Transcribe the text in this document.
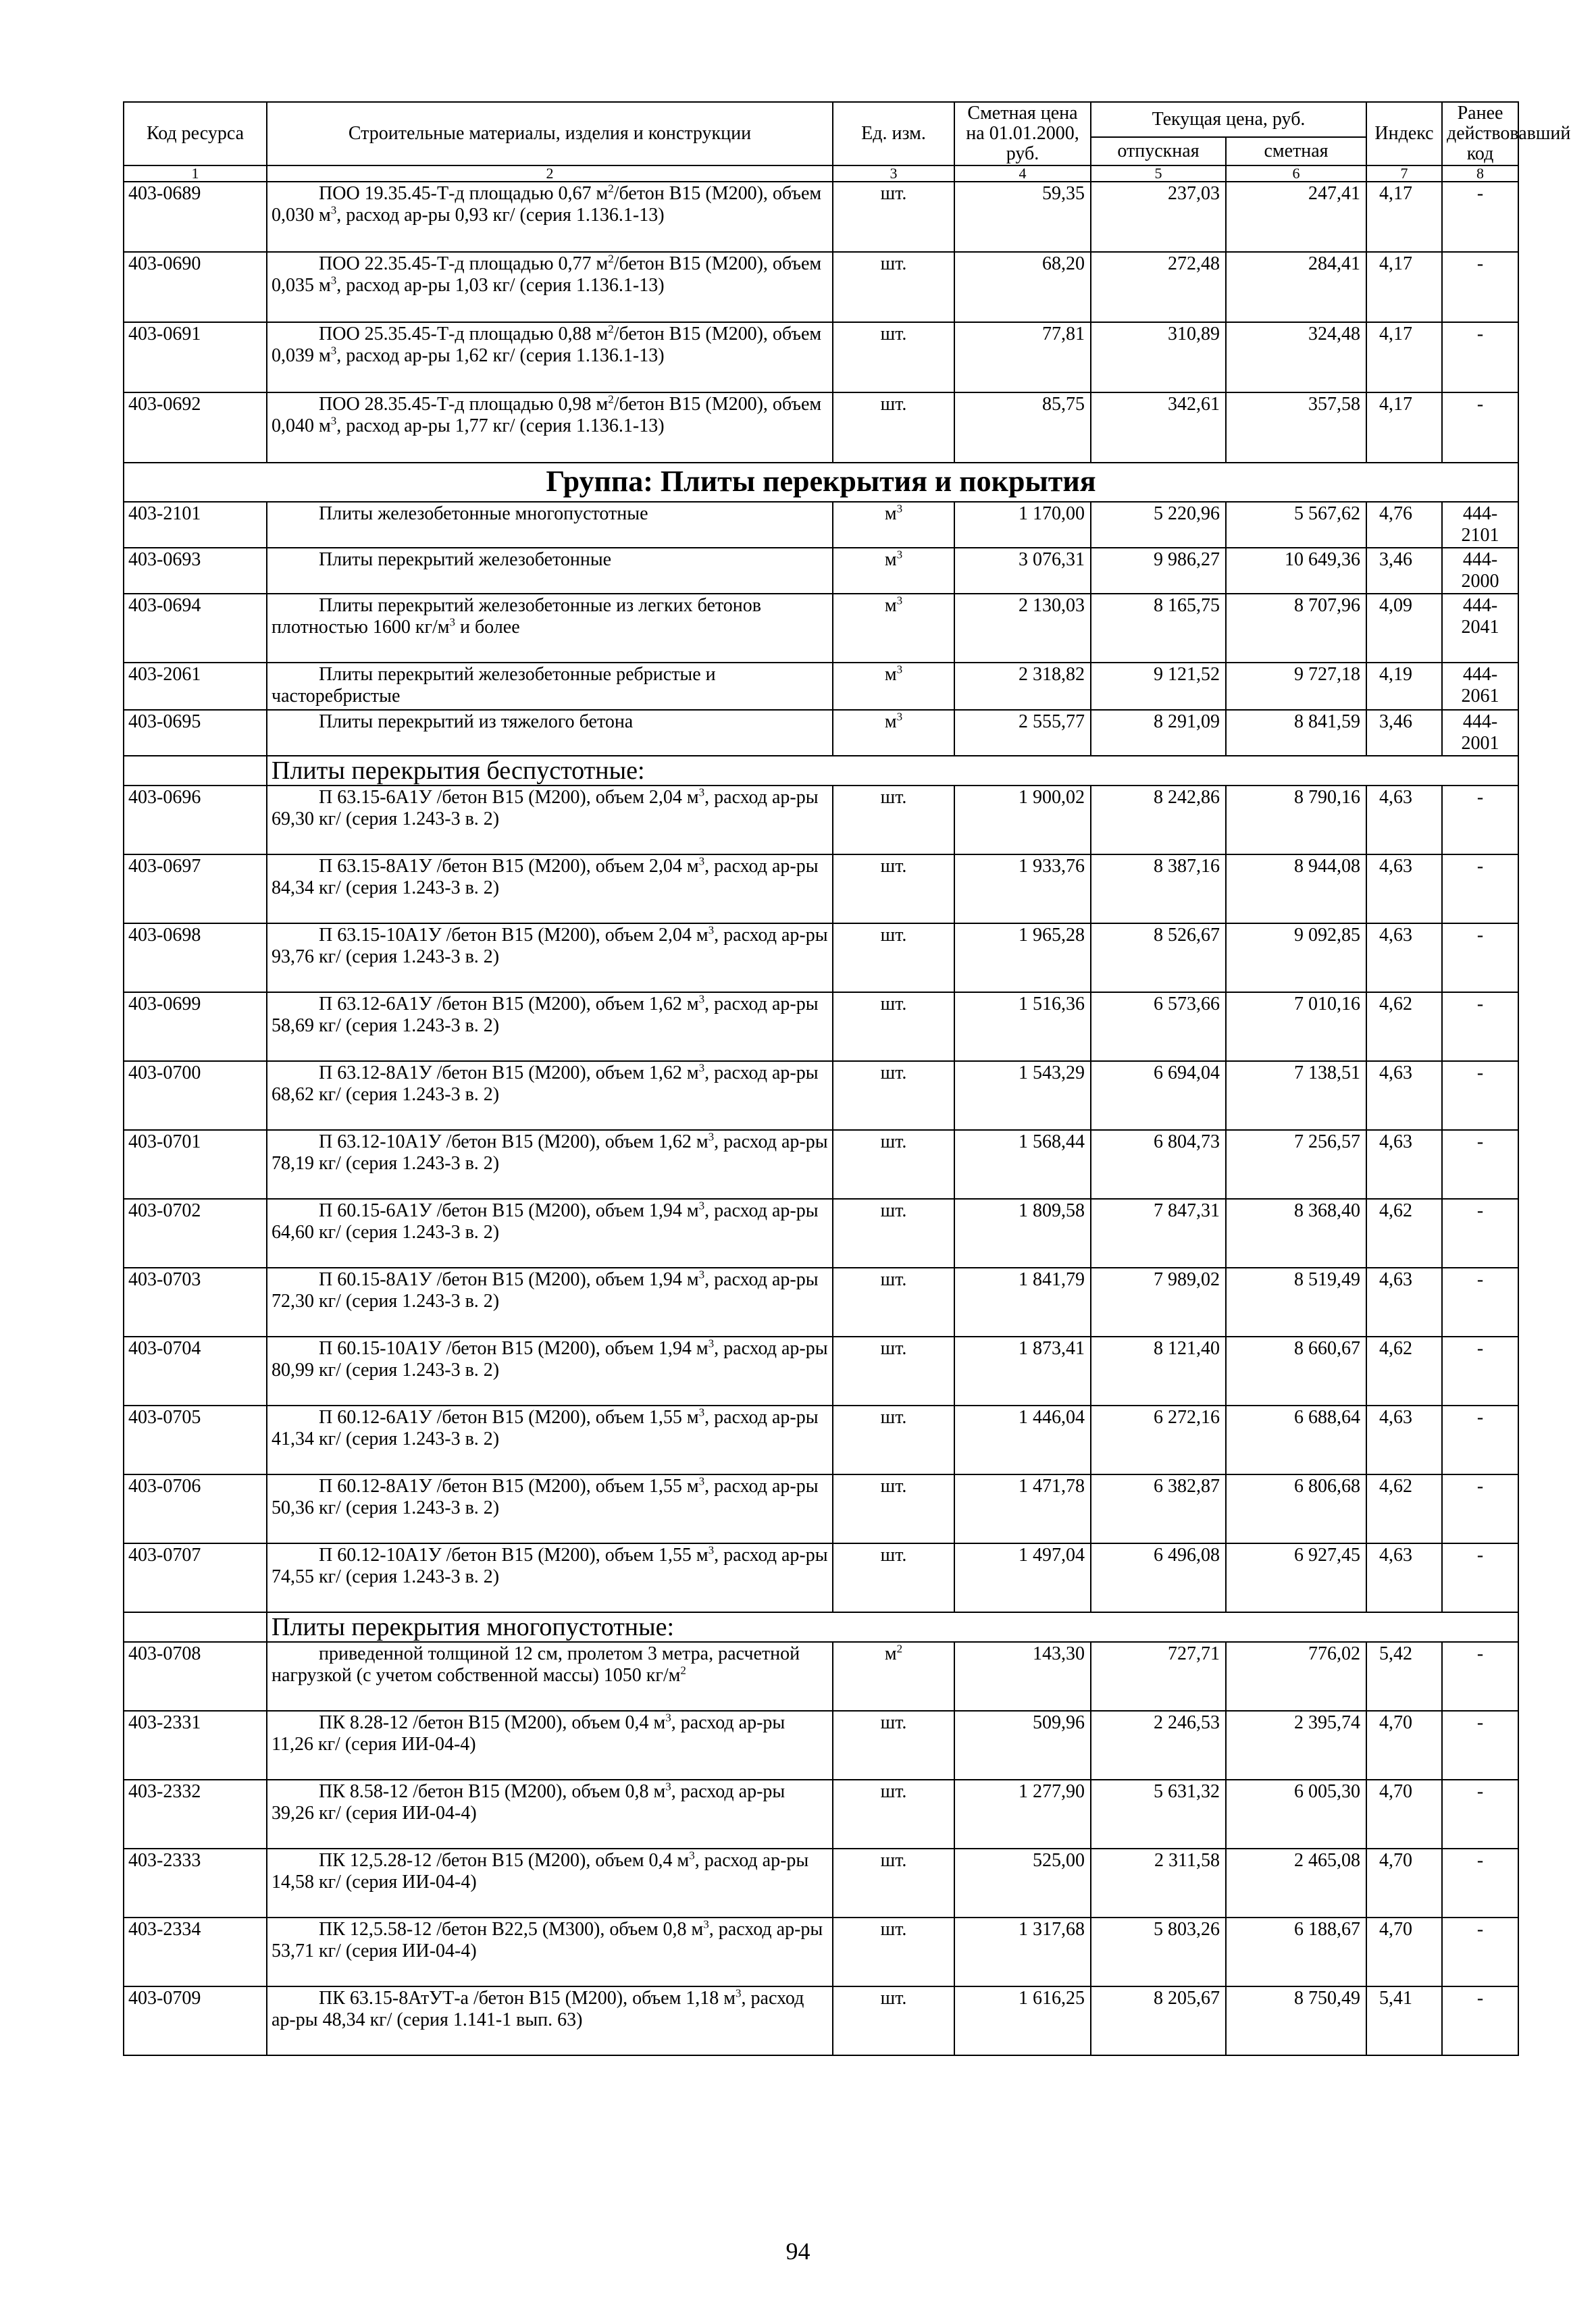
Код ресурса	Строительные материалы, изделия и конструкции	Ед. изм.	Сметная цена на 01.01.2000, руб.	Текущая цена, руб.		Индекс	Ранее действовавший код
				отпускная	сметная		
1	2	3	4	5	6	7	8
403-0689	ПОО 19.35.45-Т-д площадью 0,67 $м^2$/бетон В15 (М200), объем 0,030 $м^3$, расход ар-ры 0,93 кг/ (серия 1.136.1-13)	шт.	59,35	237,03	247,41	4,17	-
403-0690	ПОО 22.35.45-Т-д площадью 0,77 $м^2$/бетон В15 (М200), объем 0,035 $м^3$, расход ар-ры 1,03 кг/ (серия 1.136.1-13)	шт.	68,20	272,48	284,41	4,17	-
403-0691	ПОО 25.35.45-Т-д площадью 0,88 $м^2$/бетон В15 (М200), объем 0,039 $м^3$, расход ар-ры 1,62 кг/ (серия 1.136.1-13)	шт.	77,81	310,89	324,48	4,17	-
403-0692	ПОО 28.35.45-Т-д площадью 0,98 $м^2$/бетон В15 (М200), объем 0,040 $м^3$, расход ар-ры 1,77 кг/ (серия 1.136.1-13)	шт.	85,75	342,61	357,58	4,17	-
Группа: Плиты перекрытия и покрытия							
403-2101	Плиты железобетонные многопустотные	$м^3$	1 170,00	5 220,96	5 567,62	4,76	444-2101
403-0693	Плиты перекрытий железобетонные	$м^3$	3 076,31	9 986,27	10 649,36	3,46	444-2000
403-0694	Плиты перекрытий железобетонные из легких бетонов плотностью 1600 $кг/м^3$ и более	$м^3$	2 130,03	8 165,75	8 707,96	4,09	444-2041
403-2061	Плиты перекрытий железобетонные ребристые и часторебристые	$м^3$	2 318,82	9 121,52	9 727,18	4,19	444-2061
403-0695	Плиты перекрытий из тяжелого бетона	$м^3$	2 555,77	8 291,09	8 841,59	3,46	444-2001
	Плиты перекрытия беспустотные:						
403-0696	П 63.15-6А1У /бетон В15 (М200), объем 2,04 $м^3$, расход ар-ры 69,30 кг/ (серия 1.243-3 в. 2)	шт.	1 900,02	8 242,86	8 790,16	4,63	-
403-0697	П 63.15-8А1У /бетон В15 (М200), объем 2,04 $м^3$, расход ар-ры 84,34 кг/ (серия 1.243-3 в. 2)	шт.	1 933,76	8 387,16	8 944,08	4,63	-
403-0698	П 63.15-10А1У /бетон В15 (М200), объем 2,04 $м^3$, расход ар-ры 93,76 кг/ (серия 1.243-3 в. 2)	шт.	1 965,28	8 526,67	9 092,85	4,63	-
403-0699	П 63.12-6А1У /бетон В15 (М200), объем 1,62 $м^3$, расход ар-ры 58,69 кг/ (серия 1.243-3 в. 2)	шт.	1 516,36	6 573,66	7 010,16	4,62	-
403-0700	П 63.12-8А1У /бетон В15 (М200), объем 1,62 $м^3$, расход ар-ры 68,62 кг/ (серия 1.243-3 в. 2)	шт.	1 543,29	6 694,04	7 138,51	4,63	-
403-0701	П 63.12-10А1У /бетон В15 (М200), объем 1,62 $м^3$, расход ар-ры 78,19 кг/ (серия 1.243-3 в. 2)	шт.	1 568,44	6 804,73	7 256,57	4,63	-
403-0702	П 60.15-6А1У /бетон В15 (М200), объем 1,94 $м^3$, расход ар-ры 64,60 кг/ (серия 1.243-3 в. 2)	шт.	1 809,58	7 847,31	8 368,40	4,62	-
403-0703	П 60.15-8А1У /бетон В15 (М200), объем 1,94 $м^3$, расход ар-ры 72,30 кг/ (серия 1.243-3 в. 2)	шт.	1 841,79	7 989,02	8 519,49	4,63	-
403-0704	П 60.15-10А1У /бетон В15 (М200), объем 1,94 $м^3$, расход ар-ры 80,99 кг/ (серия 1.243-3 в. 2)	шт.	1 873,41	8 121,40	8 660,67	4,62	-
403-0705	П 60.12-6А1У /бетон В15 (М200), объем 1,55 $м^3$, расход ар-ры 41,34 кг/ (серия 1.243-3 в. 2)	шт.	1 446,04	6 272,16	6 688,64	4,63	-
403-0706	П 60.12-8А1У /бетон В15 (М200), объем 1,55 $м^3$, расход ар-ры 50,36 кг/ (серия 1.243-3 в. 2)	шт.	1 471,78	6 382,87	6 806,68	4,62	-
403-0707	П 60.12-10А1У /бетон В15 (М200), объем 1,55 $м^3$, расход ар-ры 74,55 кг/ (серия 1.243-3 в. 2)	шт.	1 497,04	6 496,08	6 927,45	4,63	-
	Плиты перекрытия многопустотные:						
403-0708	приведенной толщиной 12 см, пролетом 3 метра, расчетной нагрузкой (с учетом собственной массы) 1050 $кг/м^2$	$м^2$	143,30	727,71	776,02	5,42	-
403-2331	ПК 8.28-12 /бетон В15 (М200), объем 0,4 $м^3$, расход ар-ры 11,26 кг/ (серия ИИ-04-4)	шт.	509,96	2 246,53	2 395,74	4,70	-
403-2332	ПК 8.58-12 /бетон В15 (М200), объем 0,8 $м^3$, расход ар-ры 39,26 кг/ (серия ИИ-04-4)	шт.	1 277,90	5 631,32	6 005,30	4,70	-
403-2333	ПК 12,5.28-12 /бетон В15 (М200), объем 0,4 $м^3$, расход ар-ры 14,58 кг/ (серия ИИ-04-4)	шт.	525,00	2 311,58	2 465,08	4,70	-
403-2334	ПК 12,5.58-12 /бетон В22,5 (М300), объем 0,8 $м^3$, расход ар-ры 53,71 кг/ (серия ИИ-04-4)	шт.	1 317,68	5 803,26	6 188,67	4,70	-
403-0709	ПК 63.15-8АтУТ-а /бетон В15 (М200), объем 1,18 $м^3$, расход ар-ры 48,34 кг/ (серия 1.141-1 вып. 63)	шт.	1 616,25	8 205,67	8 750,49	5,41	-
94
